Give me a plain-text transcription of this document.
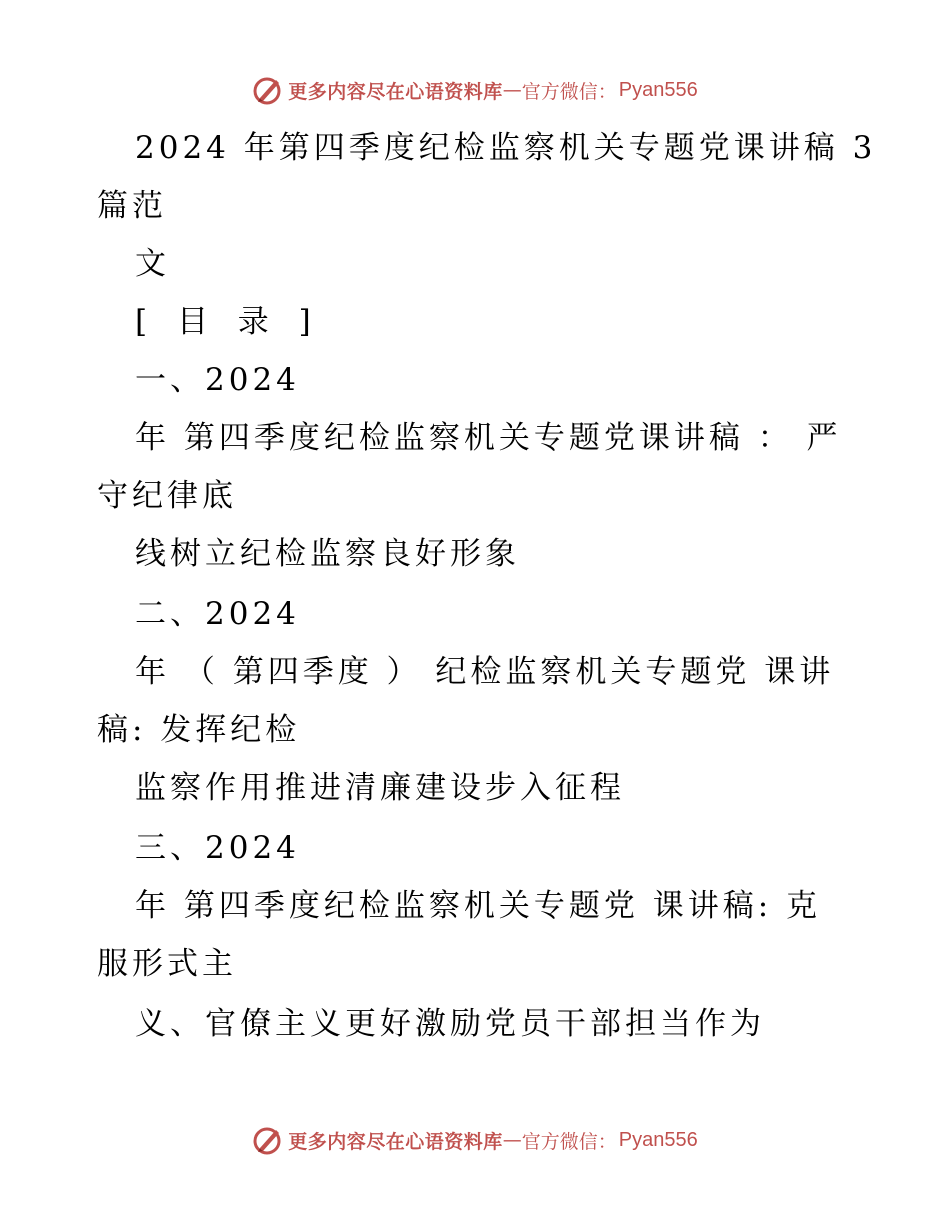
更多内容尽在心语资料库 — 官方微信： Pyan556
2024 年第四季度纪检监察机关专题党课讲稿 3
篇范
文
[ 目 录 ]
一、2024
年 第四季度纪检监察机关专题党课讲稿 ： 严
守纪律底
线树立纪检监察良好形象
二、2024
年 （ 第四季度 ） 纪检监察机关专题党 课讲
稿: 发挥纪检
监察作用推进清廉建设步入征程
三、2024
年 第四季度纪检监察机关专题党 课讲稿: 克
服形式主
义、官僚主义更好激励党员干部担当作为
更多内容尽在心语资料库 — 官方微信： Pyan556
